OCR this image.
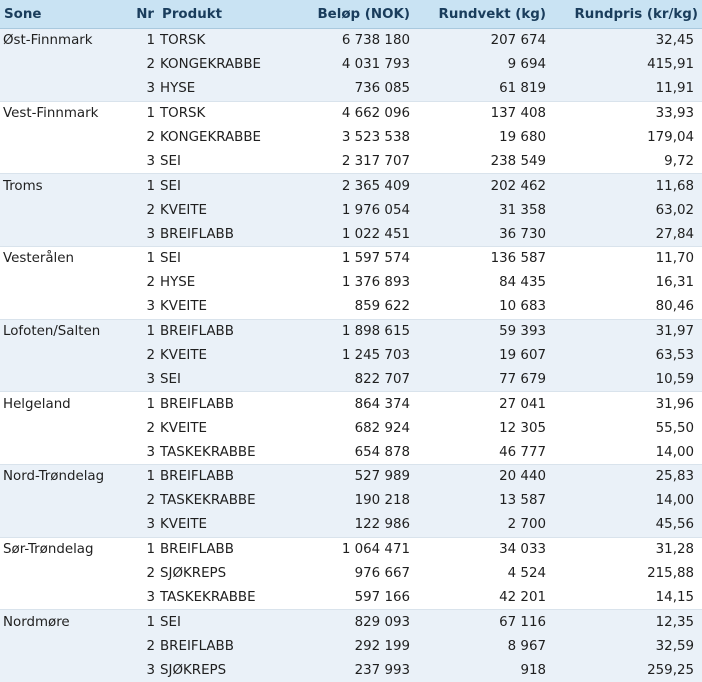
Sone	Nr	Produkt	Beløp (NOK)	Rundvekt (kg)	Rundpris (kr/kg)
Øst-Finnmark	1	TORSK	6 738 180	207 674	32,45
	2	KONGEKRABBE	4 031 793	9 694	415,91
	3	HYSE	736 085	61 819	11,91
Vest-Finnmark	1	TORSK	4 662 096	137 408	33,93
	2	KONGEKRABBE	3 523 538	19 680	179,04
	3	SEI	2 317 707	238 549	9,72
Troms	1	SEI	2 365 409	202 462	11,68
	2	KVEITE	1 976 054	31 358	63,02
	3	BREIFLABB	1 022 451	36 730	27,84
Vesterålen	1	SEI	1 597 574	136 587	11,70
	2	HYSE	1 376 893	84 435	16,31
	3	KVEITE	859 622	10 683	80,46
Lofoten/Salten	1	BREIFLABB	1 898 615	59 393	31,97
	2	KVEITE	1 245 703	19 607	63,53
	3	SEI	822 707	77 679	10,59
Helgeland	1	BREIFLABB	864 374	27 041	31,96
	2	KVEITE	682 924	12 305	55,50
	3	TASKEKRABBE	654 878	46 777	14,00
Nord-Trøndelag	1	BREIFLABB	527 989	20 440	25,83
	2	TASKEKRABBE	190 218	13 587	14,00
	3	KVEITE	122 986	2 700	45,56
Sør-Trøndelag	1	BREIFLABB	1 064 471	34 033	31,28
	2	SJØKREPS	976 667	4 524	215,88
	3	TASKEKRABBE	597 166	42 201	14,15
Nordmøre	1	SEI	829 093	67 116	12,35
	2	BREIFLABB	292 199	8 967	32,59
	3	SJØKREPS	237 993	918	259,25
